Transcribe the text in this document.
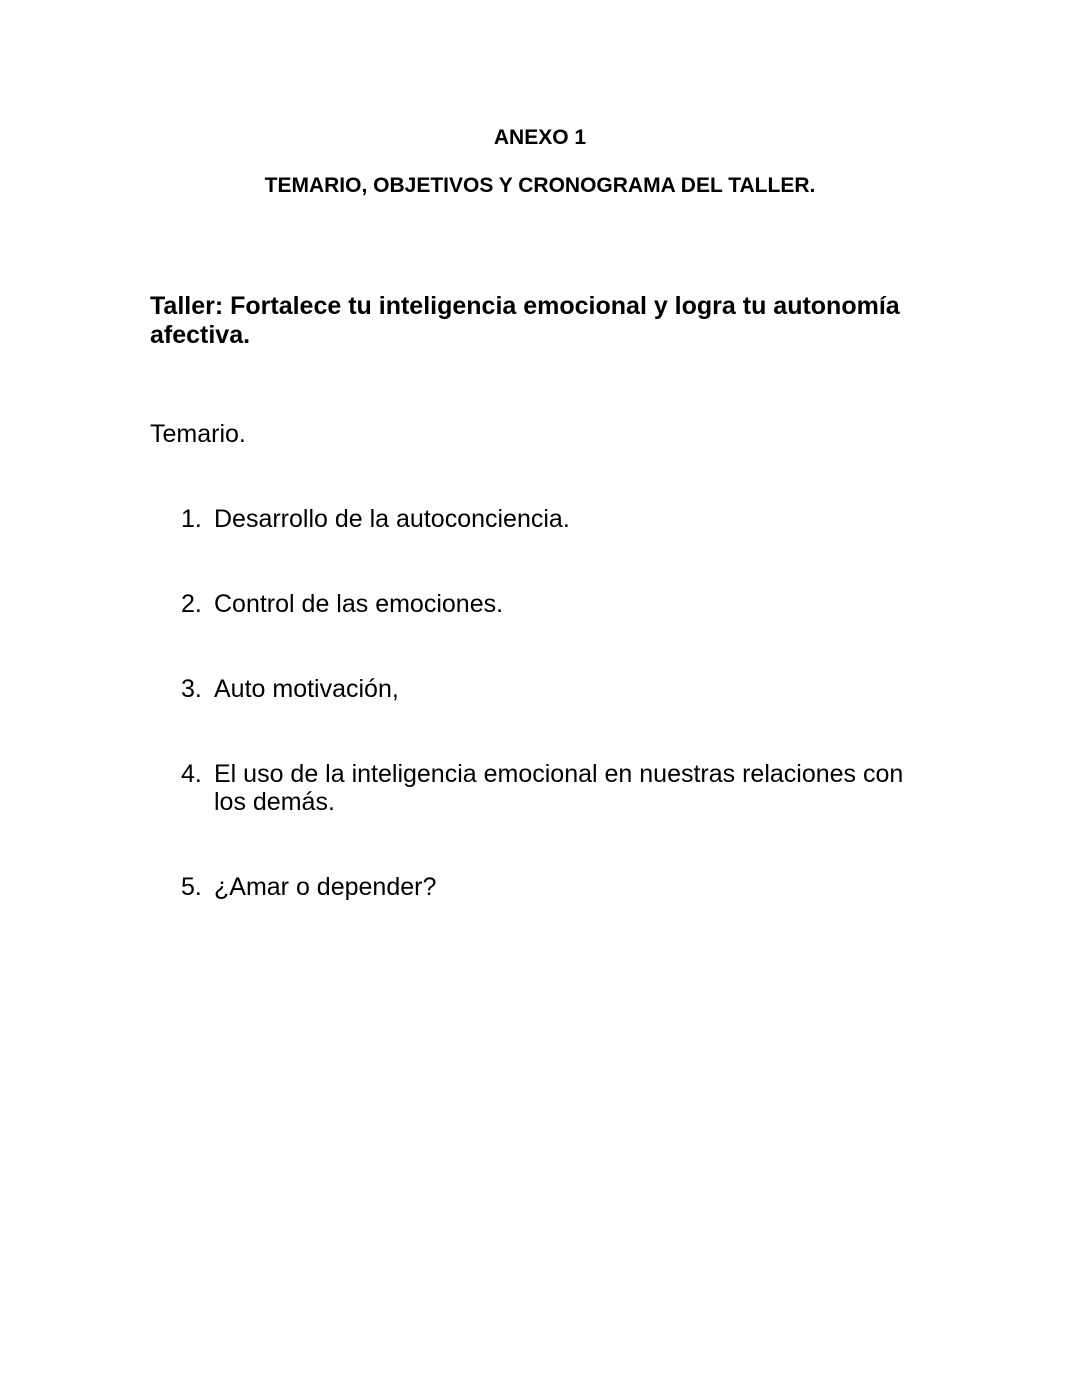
ANEXO 1
TEMARIO, OBJETIVOS Y CRONOGRAMA DEL TALLER.
Taller: Fortalece tu inteligencia emocional y logra tu autonomía afectiva.

Temario.

1. Desarrollo de la autoconciencia.
2. Control de las emociones.
3. Auto motivación,
4. El uso de la inteligencia emocional en nuestras relaciones con los demás.
5. ¿Amar o depender?
